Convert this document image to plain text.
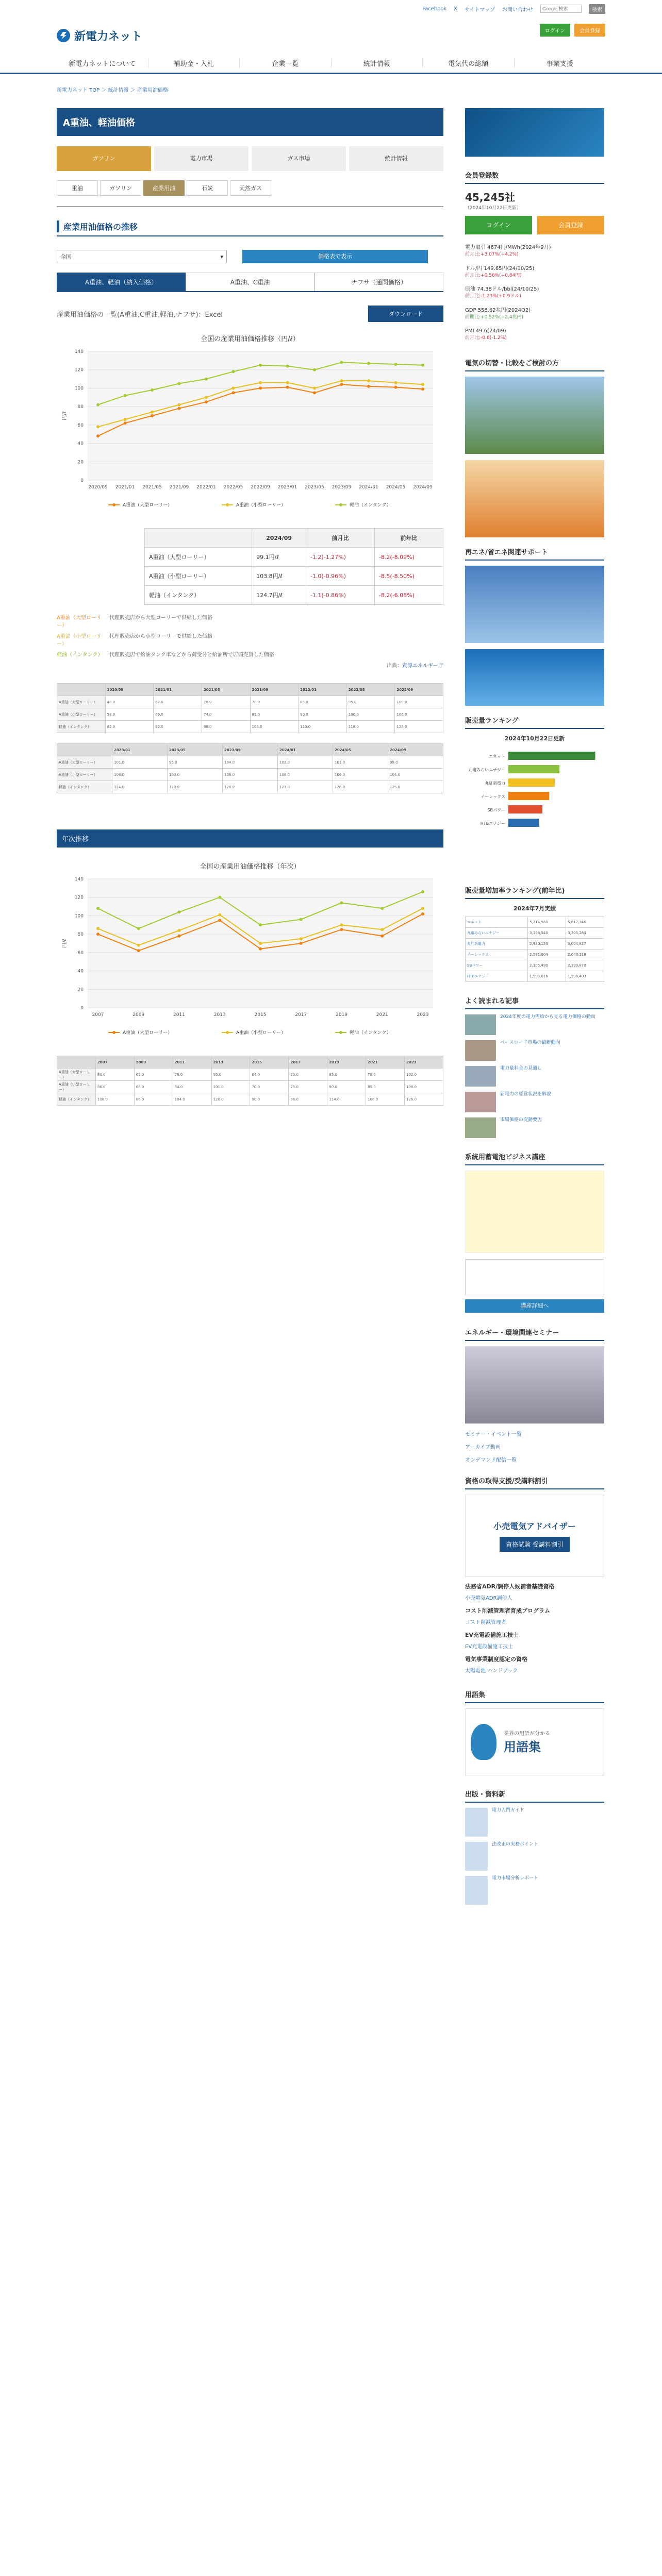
Facebook X サイトマップ お問い合わせ
Google 検索	検索
新電力ネット	ログイン	会員登録
新電力ネットについて	補助金・入札	企業一覧	統計情報	電気代の総額	事業支援
新電力ネット TOP ＞ 統計情報 ＞ 産業用油価格
A重油、軽油価格
ガソリン	電力市場	ガス市場	統計情報
重油	ガソリン	産業用油	石炭	天然ガス
産業用油価格の推移
全国	▾	価格表で表示
A重油、軽油（納入価格）	A重油、C重油	ナフサ（通関価格）
産業用油価格の一覧(A重油,C重油,軽油,ナフサ)：Excel	ダウンロード
全国の産業用油価格推移（円/ℓ）
0
20
40
60
80
100
120
140
円/ℓ
2020/09 2021/01 2021/05 2021/09 2022/01 2022/05 2022/09 2023/01 2023/05 2023/09 2024/01 2024/05 2024/09
A重油（大型ローリー）	A重油（小型ローリー）	軽油（インタンク）
	2024/09	前月比	前年比
A重油（大型ローリー）	99.1円/ℓ	-1.2(-1.27%)	-8.2(-8.09%)
A重油（小型ローリー）	103.8円/ℓ	-1.0(-0.96%)	-8.5(-8.50%)
軽油（インタンク）	124.7円/ℓ	-1.1(-0.86%)	-8.2(-6.08%)
A重油（大型ローリー）
代理販売店から大型ローリーで供給した価格
A重油（小型ローリー）
代理販売店から小型ローリーで供給した価格
軽油（インタンク） 代理販売店で給油タンク車などから荷受分と給油所で店頭売買した価格
出典：資源エネルギー庁
	2020/09	2021/01	2021/05	2021/09	2022/01	2022/05	2022/09
A重油（大型ローリー）	48.0	62.0	70.0	78.0	85.0	95.0	100.0
A重油（小型ローリー）	58.0	66.0	74.0	82.0	90.0	100.0	106.0
軽油（インタンク）	82.0	92.0	98.0	105.0	110.0	118.0	125.0
	2023/01	2023/05	2023/09	2024/01	2024/05	2024/09
A重油（大型ローリー）	101.0	95.0	104.0	102.0	101.0	99.0
A重油（小型ローリー）	106.0	100.0	108.0	108.0	106.0	104.0
軽油（インタンク）	124.0	120.0	128.0	127.0	126.0	125.0
年次推移
全国の産業用油価格推移（年次）
0
20
40
60
80
100
120
140
円/ℓ
2007	2009	2011	2013	2015	2017	2019	2021	2023
A重油（大型ローリー）	A重油（小型ローリー）	軽油（インタンク）
	2007	2009	2011	2013	2015	2017	2019	2021	2023
A重油（大型ローリー）	80.0	62.0	78.0	95.0	64.0	70.0	85.0	78.0	102.0
A重油（小型ローリー）	86.0	68.0	84.0	101.0	70.0	75.0	90.0	85.0	108.0
軽油（インタンク）	108.0	86.0	104.0	120.0	90.0	96.0	114.0	108.0	126.0
会員登録数
45,245社
（2024年10月22日更新）
ログイン	会員登録
電力取引 4674円/MWh(2024年9月)
前月比:+3.07%(+4.2%)
ドル/円 149.65円(24/10/25)
前月比:+0.56%(+0.84円)
原油 74.38ドル/bbl(24/10/25)
前月比:-1.23%(+0.9ドル)
GDP 558.62兆円(2024Q2)
前期比:+0.52%(+2.4兆円)
PMI 49.6(24/09)
前月比:-0.6(-1.2%)
電気の切替・比較をご検討の方
再エネ/省エネ関連サポート
販売量ランキング
2024年10月22日更新
エネット
九電みらいエナジー
丸紅新電力
イーレックス
SBパワー
HTBエナジー
販売量増加率ランキング(前年比)
2024年7月実績
エネット	5,214,560	5,617,346
九電みらいエナジー	3,198,540	3,305,284
丸紅新電力	2,980,150	3,004,817
イーレックス	2,571,004	2,640,118
SBパワー	2,105,490	2,199,870
HTBエナジー	1,993,016	1,998,403
よく読まれる記事
2024年度の電力需給から見る電力価格の動向
ベースロード市場の最新動向
電力量料金の見通し
新電力の経営状況を解説
市場価格の変動要因
系統用蓄電池ビジネス講座
講座詳細へ
エネルギー・環境関連セミナー
セミナー・イベント一覧
アーカイブ動画
オンデマンド配信一覧
資格の取得支援/受講料割引
小売電気アドバイザー
資格試験 受講料割引
法務省ADR/調停人候補者基礎資格
小売電気ADR調停人
コスト削減管理者育成プログラム
コスト削減管理者
EV充電設備施工技士
EV充電設備施工技士
電気事業制度認定の資格
太陽電池 ハンドブック
用語集
業界の用語が分かる
用語集
出版・資料新
電力入門ガイド
法改正の実務ポイント
電力市場分析レポート
